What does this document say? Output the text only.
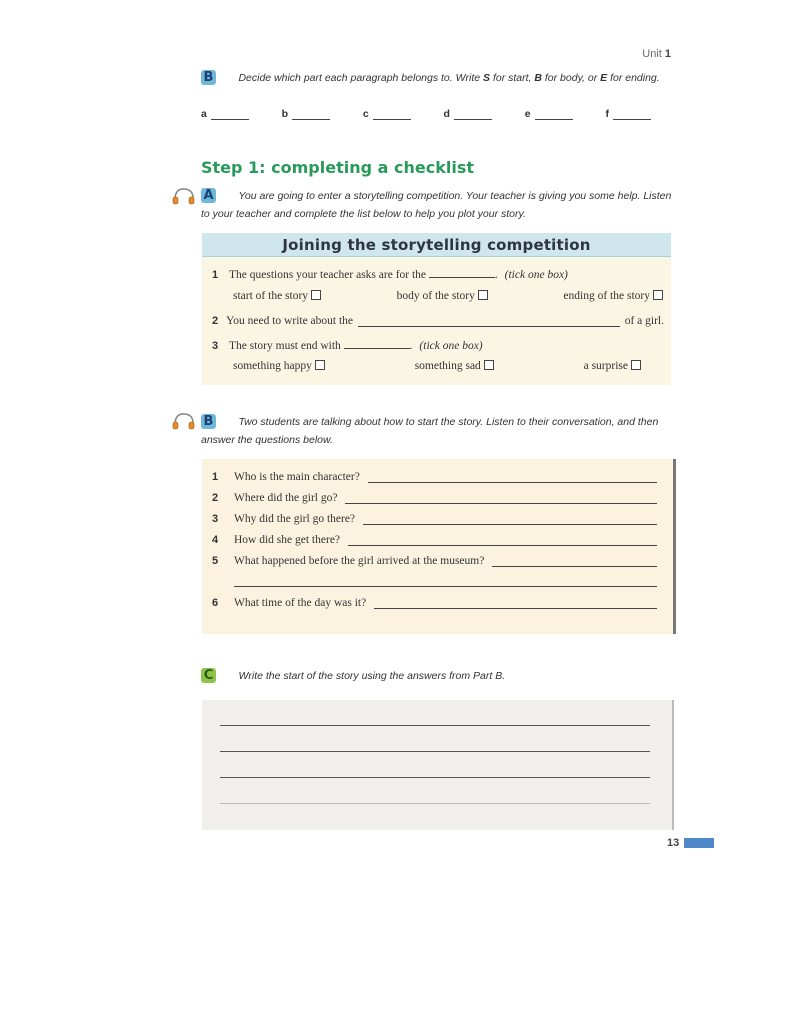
Unit 1
B Decide which part each paragraph belongs to. Write S for start, B for body, or E for ending.
a	b	c	d	e	f
Step 1: completing a checklist
A You are going to enter a storytelling competition. Your teacher is giving you some help. Listen to your teacher and complete the list below to help you plot your story.
Joining the storytelling competition
1 The questions your teacher asks are for the	. (tick one box)
start of the story	body of the story	ending of the story
2 You need to write about the	of a girl.
3 The story must end with	. (tick one box)
something happy	something sad	a surprise
B Two students are talking about how to start the story. Listen to their conversation, and then answer the questions below.
1	Who is the main character?
2	Where did the girl go?
3	Why did the girl go there?
4	How did she get there?
5	What happened before the girl arrived at the museum?
6	What time of the day was it?
C Write the start of the story using the answers from Part B.
13
